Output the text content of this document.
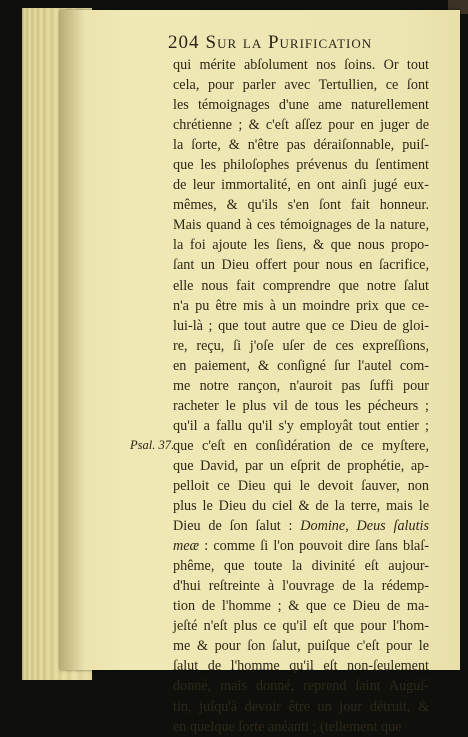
204 Sur la Purification
Psal. 37.
qui mérite abſolument nos ſoins. Or tout
cela, pour parler avec Tertullien, ce ſont
les témoignages d'une ame naturellement
chrétienne ; & c'eſt aſſez pour en juger de
la ſorte, & n'être pas déraiſonnable, puiſ-
que les philoſophes prévenus du ſentiment
de leur immortalité, en ont ainſi jugé eux-
mêmes, & qu'ils s'en ſont fait honneur.
Mais quand à ces témoignages de la nature,
la foi ajoute les ſiens, & que nous propo-
ſant un Dieu offert pour nous en ſacrifice,
elle nous fait comprendre que notre ſalut
n'a pu être mis à un moindre prix que ce-
lui-là ; que tout autre que ce Dieu de gloi-
re, reçu, ſi j'oſe uſer de ces expreſſions,
en paiement, & conſigné ſur l'autel com-
me notre rançon, n'auroit pas ſuffi pour
racheter le plus vil de tous les pécheurs ;
qu'il a fallu qu'il s'y employât tout entier ;
que c'eſt en conſidération de ce myſtere,
que David, par un eſprit de prophétie, ap-
pelloit ce Dieu qui le devoit ſauver, non
plus le Dieu du ciel & de la terre, mais le
Dieu de ſon ſalut : Domine, Deus ſalutis
meæ : comme ſi l'on pouvoit dire ſans blaſ-
phême, que toute la divinité eſt aujour-
d'hui reſtreinte à l'ouvrage de la rédemp-
tion de l'homme ; & que ce Dieu de ma-
jeſté n'eſt plus ce qu'il eſt que pour l'hom-
me & pour ſon ſalut, puiſque c'eſt pour le
ſalut de l'homme qu'il eſt non-ſeulement
donné, mais donné, reprend ſaint Auguſ-
tin, juſqu'à devoir être un jour détruit, &
en quelque ſorte anéanti ; (tellement que
